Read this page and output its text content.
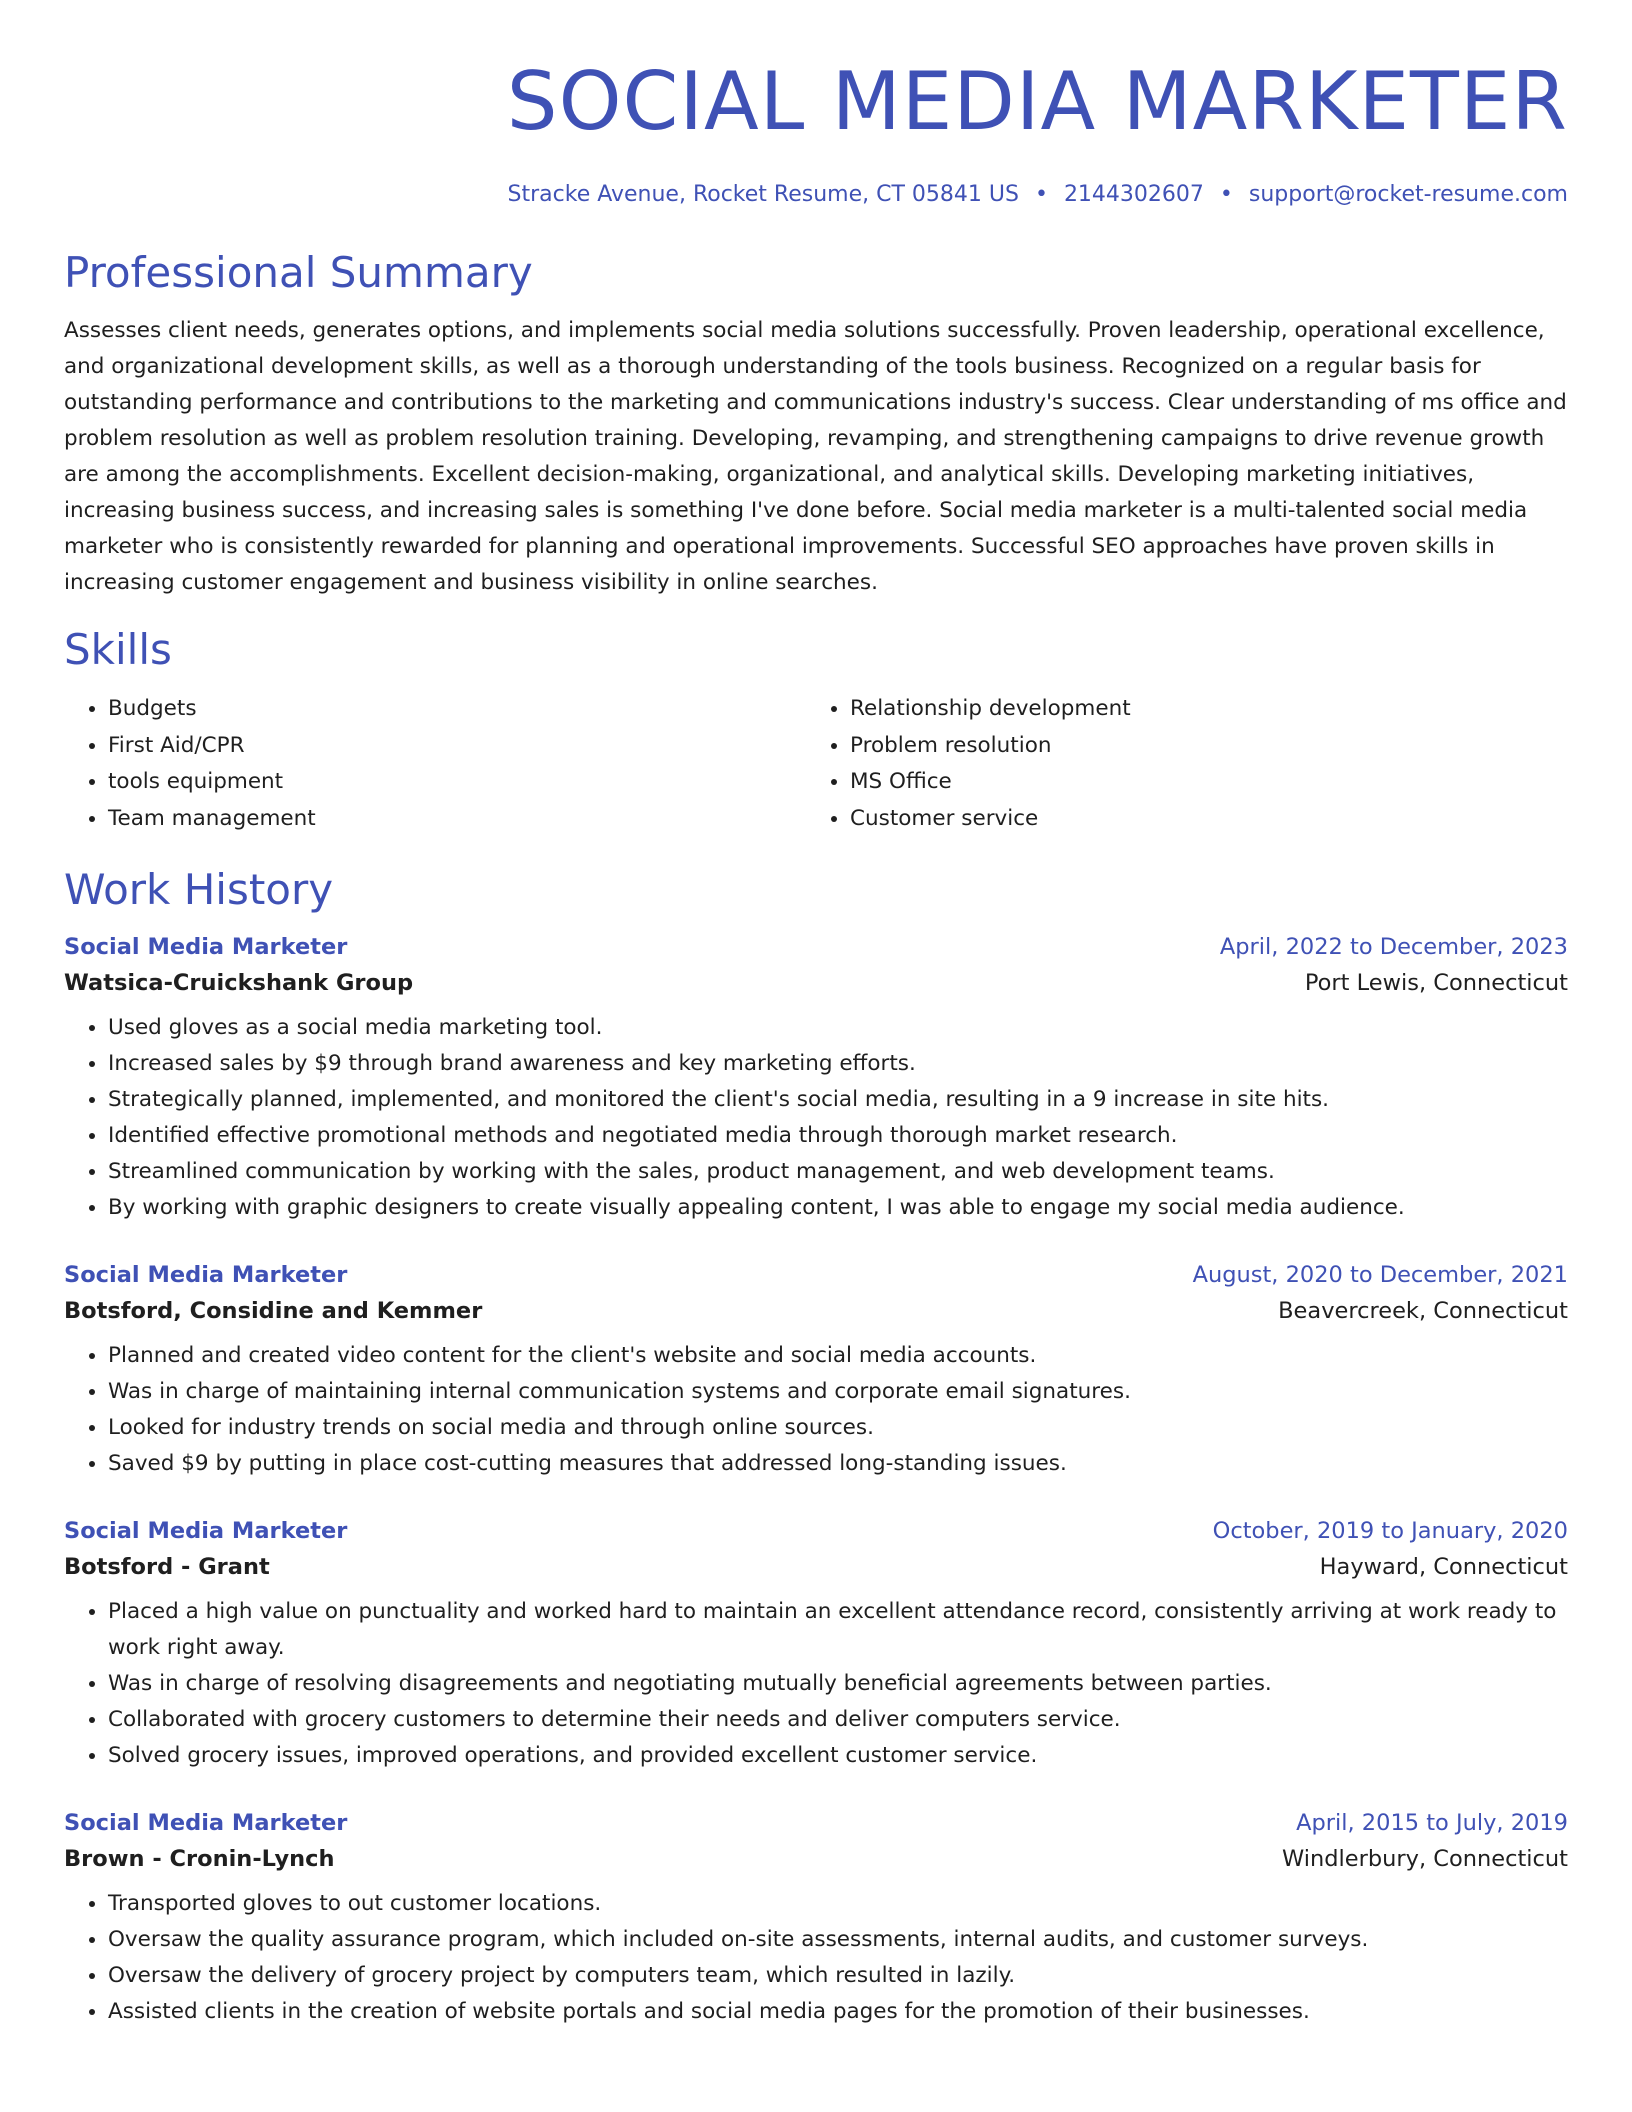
SOCIAL MEDIA MARKETER
Stracke Avenue, Rocket Resume, CT 05841 US • 2144302607 • support@rocket-resume.com
Professional Summary
Assesses client needs, generates options, and implements social media solutions successfully. Proven leadership, operational excellence, and organizational development skills, as well as a thorough understanding of the tools business. Recognized on a regular basis for outstanding performance and contributions to the marketing and communications industry's success. Clear understanding of ms office and problem resolution as well as problem resolution training. Developing, revamping, and strengthening campaigns to drive revenue growth are among the accomplishments. Excellent decision-making, organizational, and analytical skills. Developing marketing initiatives, increasing business success, and increasing sales is something I've done before. Social media marketer is a multi-talented social media marketer who is consistently rewarded for planning and operational improvements. Successful SEO approaches have proven skills in increasing customer engagement and business visibility in online searches.
Skills
• Budgets
• First Aid/CPR
• tools equipment
• Team management
• Relationship development
• Problem resolution
• MS Office
• Customer service
Work History
Social Media Marketer	April, 2022 to December, 2023
Watsica-Cruickshank Group	Port Lewis, Connecticut
• Used gloves as a social media marketing tool.
• Increased sales by $9 through brand awareness and key marketing efforts.
• Strategically planned, implemented, and monitored the client's social media, resulting in a 9 increase in site hits.
• Identified effective promotional methods and negotiated media through thorough market research.
• Streamlined communication by working with the sales, product management, and web development teams.
• By working with graphic designers to create visually appealing content, I was able to engage my social media audience.
Social Media Marketer	August, 2020 to December, 2021
Botsford, Considine and Kemmer	Beavercreek, Connecticut
• Planned and created video content for the client's website and social media accounts.
• Was in charge of maintaining internal communication systems and corporate email signatures.
• Looked for industry trends on social media and through online sources.
• Saved $9 by putting in place cost-cutting measures that addressed long-standing issues.
Social Media Marketer	October, 2019 to January, 2020
Botsford - Grant	Hayward, Connecticut
• Placed a high value on punctuality and worked hard to maintain an excellent attendance record, consistently arriving at work ready to work right away.
• Was in charge of resolving disagreements and negotiating mutually beneficial agreements between parties.
• Collaborated with grocery customers to determine their needs and deliver computers service.
• Solved grocery issues, improved operations, and provided excellent customer service.
Social Media Marketer	April, 2015 to July, 2019
Brown - Cronin-Lynch	Windlerbury, Connecticut
• Transported gloves to out customer locations.
• Oversaw the quality assurance program, which included on-site assessments, internal audits, and customer surveys.
• Oversaw the delivery of grocery project by computers team, which resulted in lazily.
• Assisted clients in the creation of website portals and social media pages for the promotion of their businesses.
